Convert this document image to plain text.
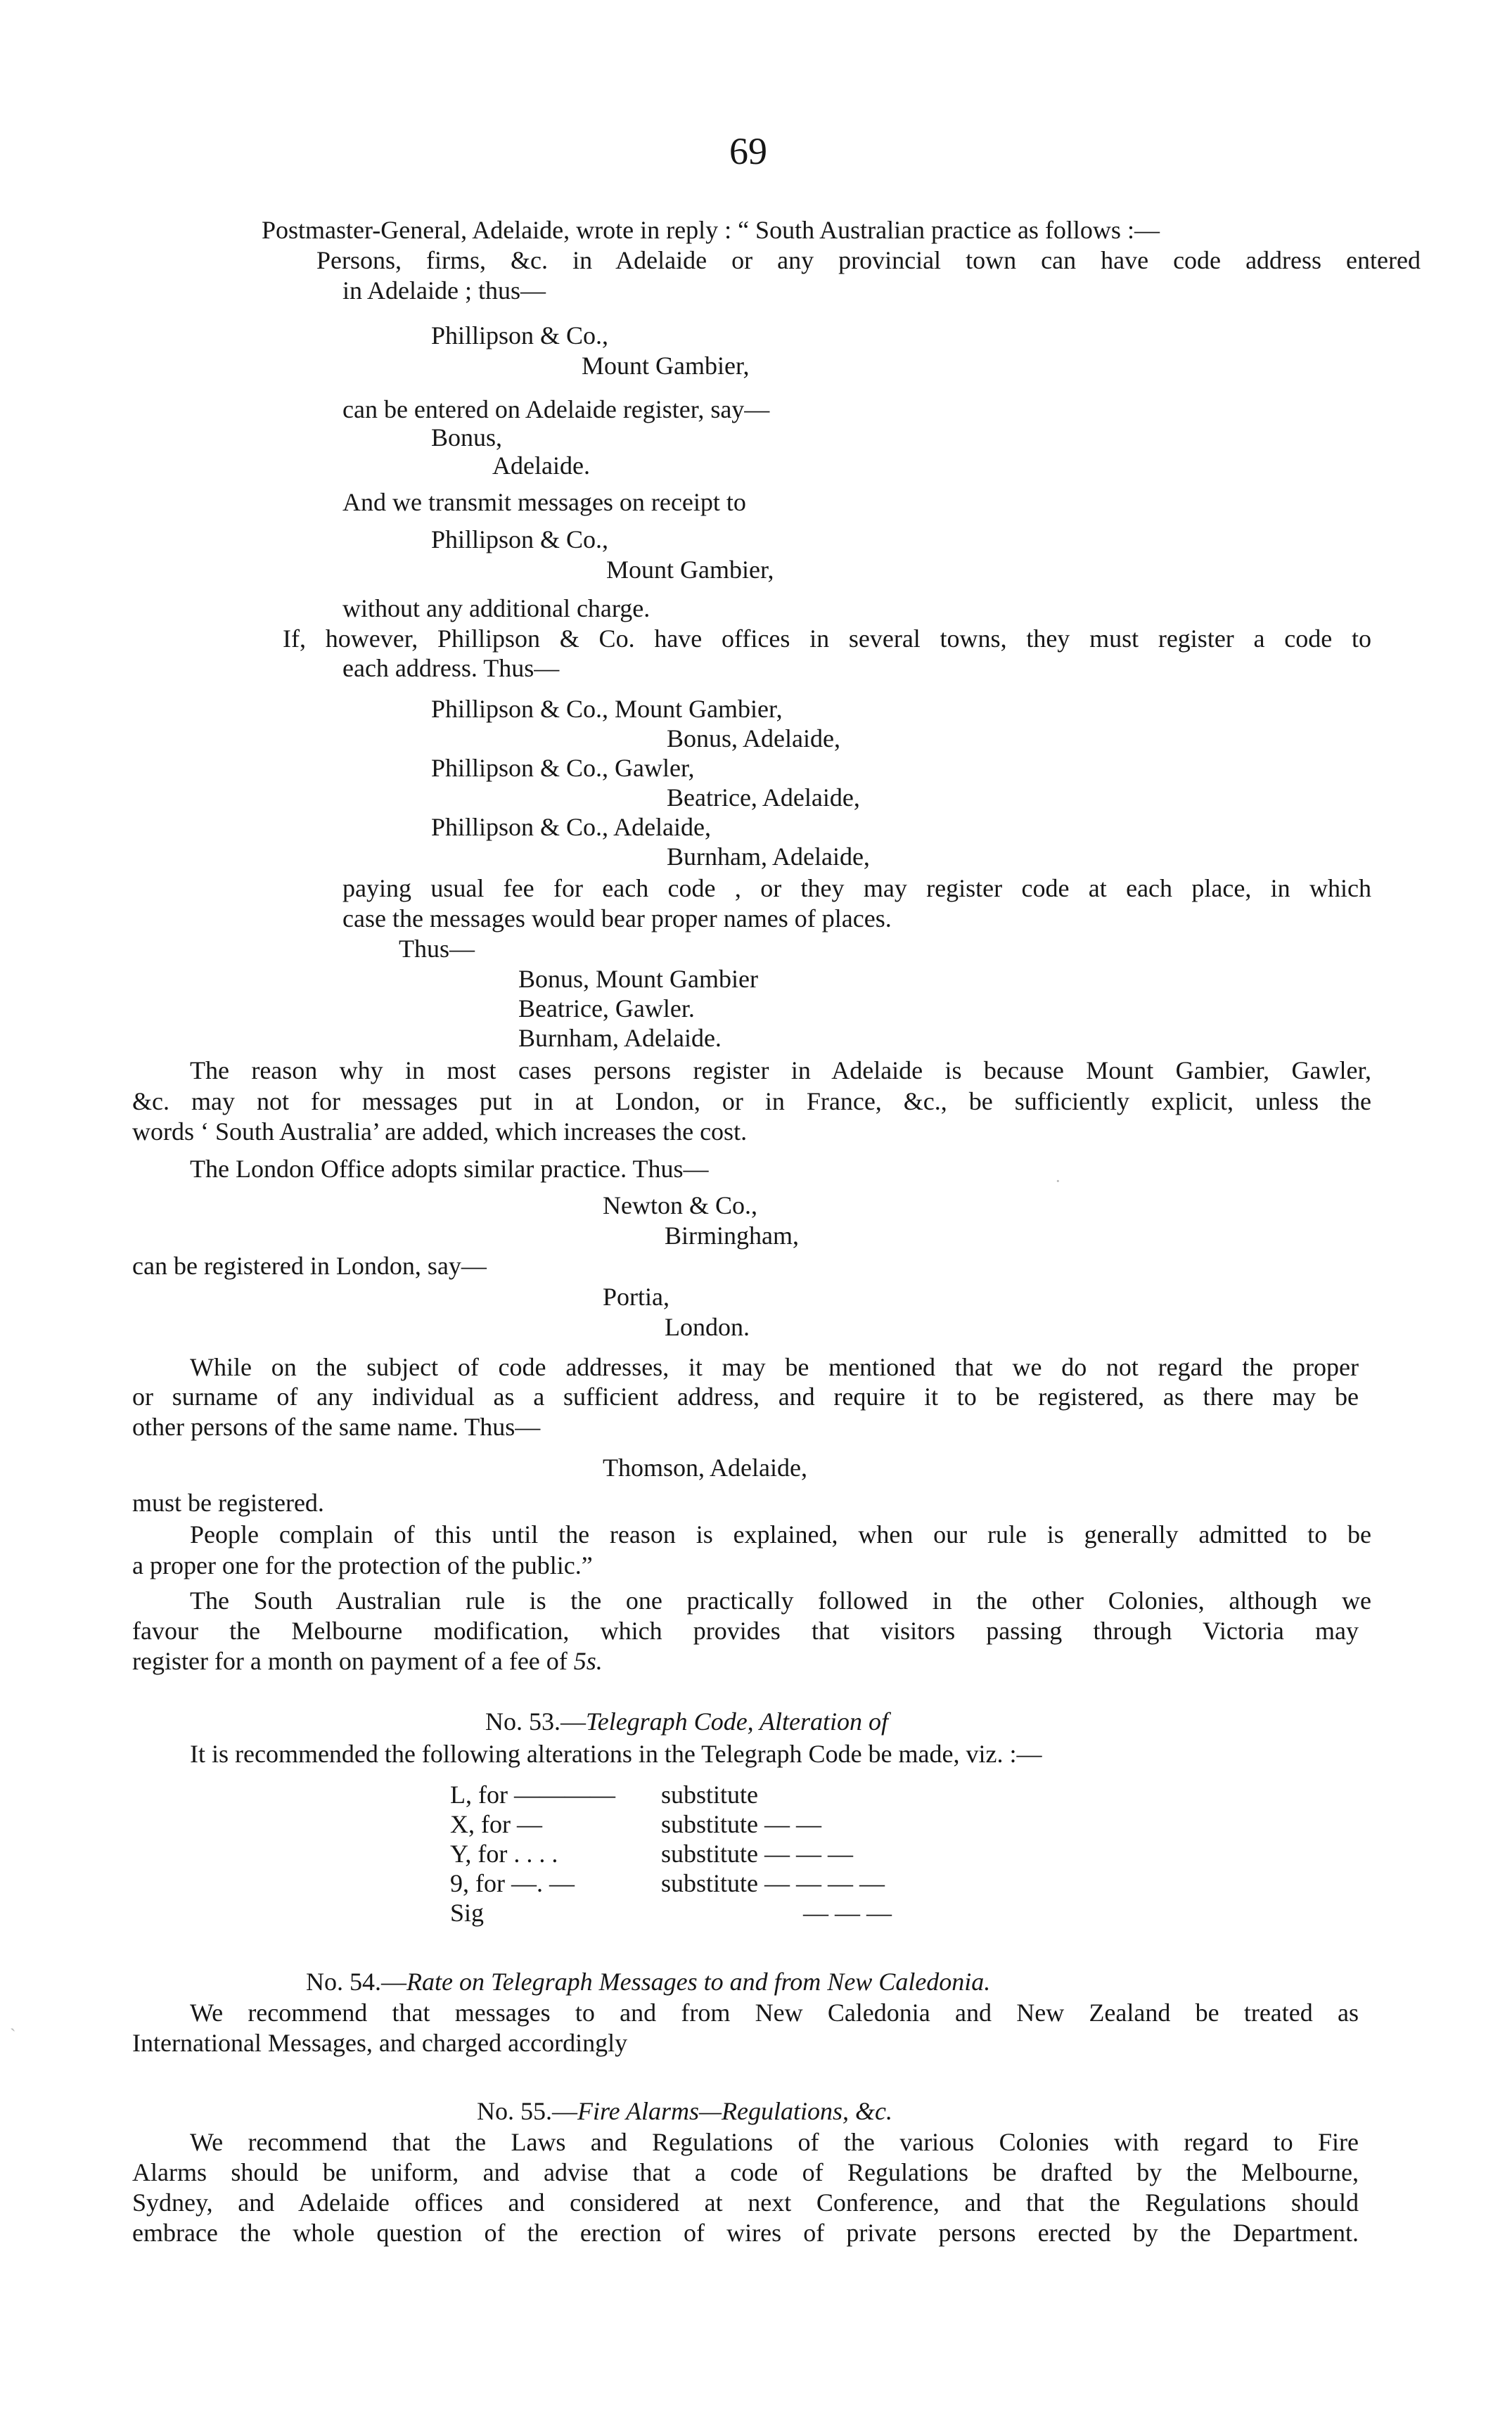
69
Postmaster-General, Adelaide, wrote in reply : “ South Australian practice as follows :—
Persons, firms, &c. in Adelaide or any provincial town can have code address entered
in Adelaide ; thus—
Phillipson & Co.,
Mount Gambier,
can be entered on Adelaide register, say—
Bonus,
Adelaide.
And we transmit messages on receipt to
Phillipson & Co.,
Mount Gambier,
without any additional charge.
If, however, Phillipson & Co. have offices in several towns, they must register a code to
each address. Thus—
Phillipson & Co., Mount Gambier,
Bonus, Adelaide,
Phillipson & Co., Gawler,
Beatrice, Adelaide,
Phillipson & Co., Adelaide,
Burnham, Adelaide,
paying usual fee for each code , or they may register code at each place, in which
case the messages would bear proper names of places.
Thus—
Bonus, Mount Gambier
Beatrice, Gawler.
Burnham, Adelaide.
The reason why in most cases persons register in Adelaide is because Mount Gambier, Gawler,
&c. may not for messages put in at London, or in France, &c., be sufficiently explicit, unless the
words ‘ South Australia’ are added, which increases the cost.
The London Office adopts similar practice. Thus—	·
Newton & Co.,
Birmingham,
can be registered in London, say—
Portia,
London.
While on the subject of code addresses, it may be mentioned that we do not regard the proper
or surname of any individual as a sufficient address, and require it to be registered, as there may be
other persons of the same name. Thus—
Thomson, Adelaide,
must be registered.
People complain of this until the reason is explained, when our rule is generally admitted to be
a proper one for the protection of the public.”
The South Australian rule is the one practically followed in the other Colonies, although we
favour the Melbourne modification, which provides that visitors passing through Victoria may
register for a month on payment of a fee of 5s.
No. 53.—Telegraph Code, Alteration of
It is recommended the following alterations in the Telegraph Code be made, viz. :—
L, for ———— substitute
X, for —	substitute — —
Y, for . . . .	substitute — — —
9, for —. —	substitute — — — —
Sig	— — —
No. 54.—Rate on Telegraph Messages to and from New Caledonia.
We recommend that messages to and from New Caledonia and New Zealand be treated as
International Messages, and charged accordingly
`
No. 55.—Fire Alarms—Regulations, &c.
We recommend that the Laws and Regulations of the various Colonies with regard to Fire
Alarms should be uniform, and advise that a code of Regulations be drafted by the Melbourne,
Sydney, and Adelaide offices and considered at next Conference, and that the Regulations should
embrace the whole question of the erection of wires of private persons erected by the Department.
